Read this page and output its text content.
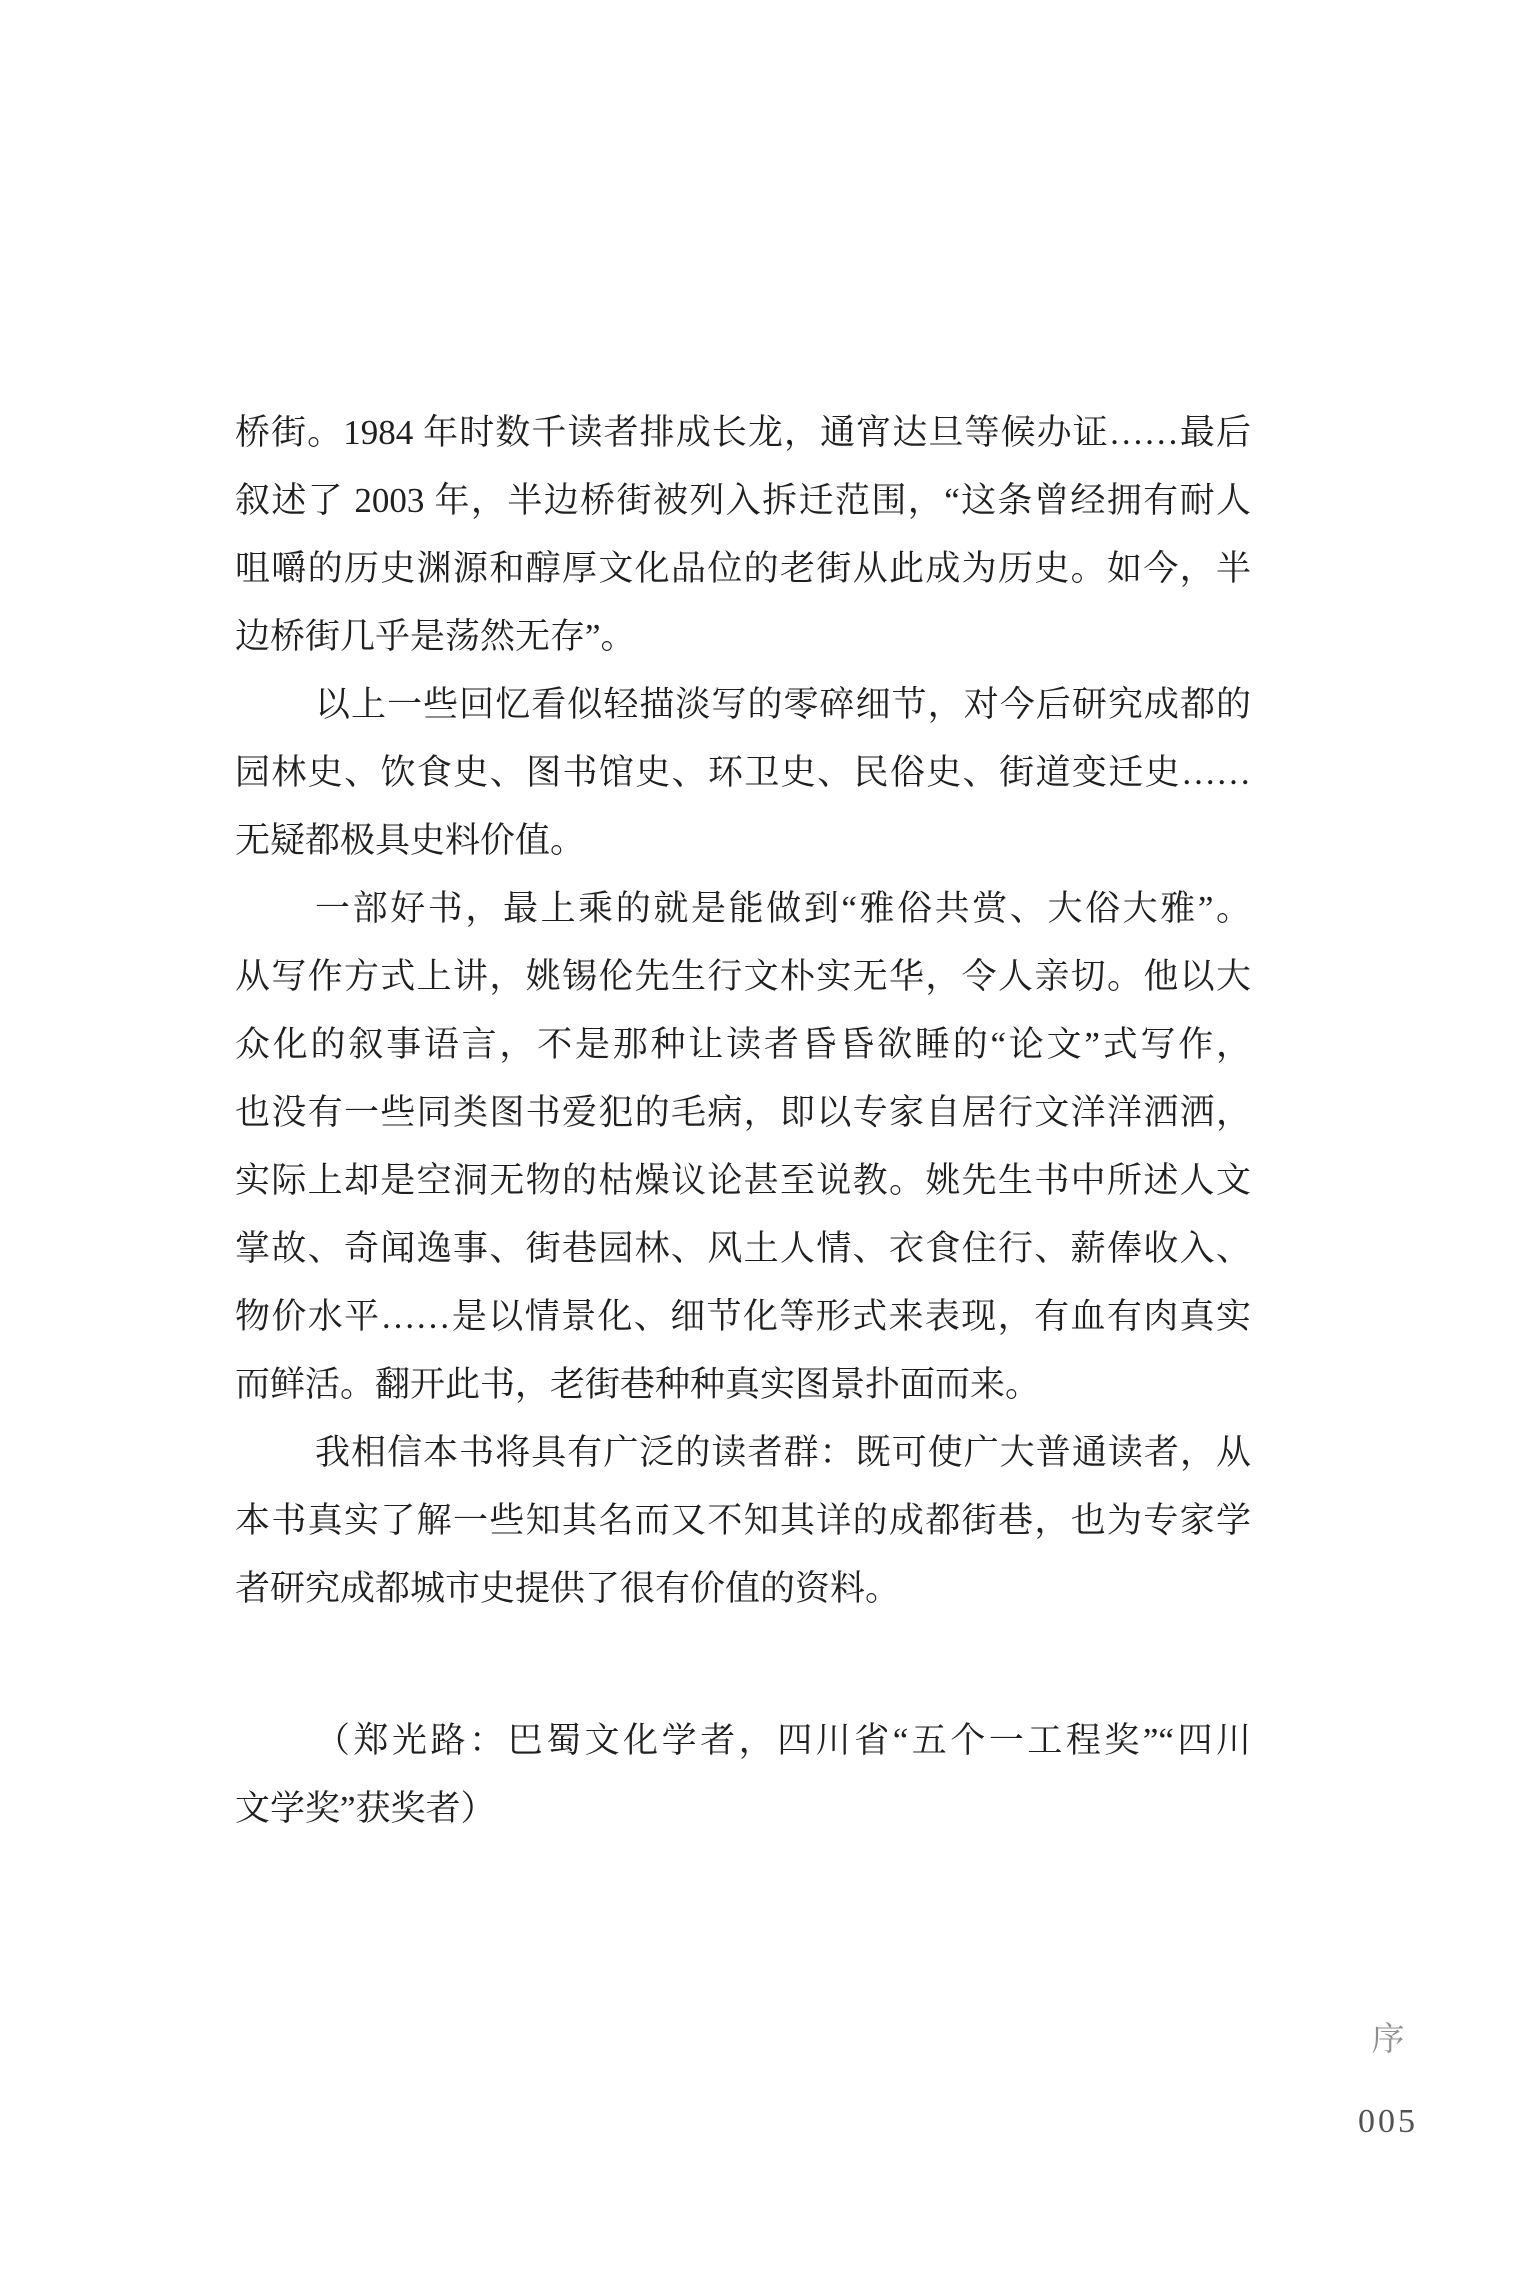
桥街。1984 年时数千读者排成长龙，通宵达旦等候办证……最后
叙述了 2003 年，半边桥街被列入拆迁范围，“这条曾经拥有耐人
咀嚼的历史渊源和醇厚文化品位的老街从此成为历史。如今，半
边桥街几乎是荡然无存”。
以上一些回忆看似轻描淡写的零碎细节，对今后研究成都的
园林史、饮食史、图书馆史、环卫史、民俗史、街道变迁史……
无疑都极具史料价值。
一部好书，最上乘的就是能做到“雅俗共赏、大俗大雅”。
从写作方式上讲，姚锡伦先生行文朴实无华，令人亲切。他以大
众化的叙事语言，不是那种让读者昏昏欲睡的“论文”式写作，
也没有一些同类图书爱犯的毛病，即以专家自居行文洋洋洒洒，
实际上却是空洞无物的枯燥议论甚至说教。姚先生书中所述人文
掌故、奇闻逸事、街巷园林、风土人情、衣食住行、薪俸收入、
物价水平……是以情景化、细节化等形式来表现，有血有肉真实
而鲜活。翻开此书，老街巷种种真实图景扑面而来。
我相信本书将具有广泛的读者群：既可使广大普通读者，从
本书真实了解一些知其名而又不知其详的成都街巷，也为专家学
者研究成都城市史提供了很有价值的资料。
（郑光路：巴蜀文化学者，四川省“五个一工程奖”“四川
文学奖”获奖者）
序
005
